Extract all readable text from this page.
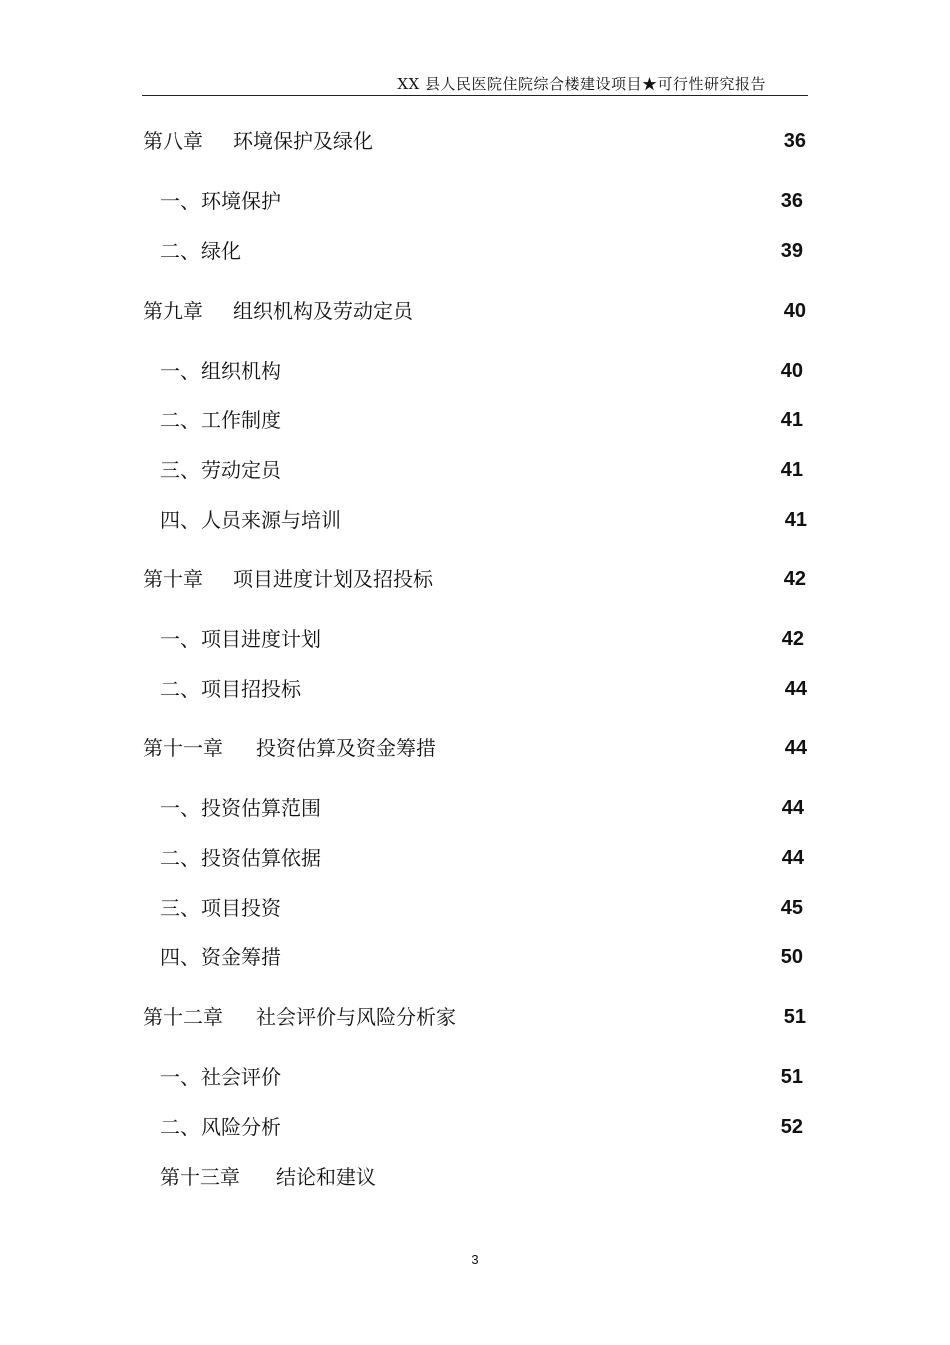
XX 县人民医院住院综合楼建设项目★可行性研究报告
第八章 环境保护及绿化	36
一、环境保护	36
二、绿化	39
第九章 组织机构及劳动定员	40
一、组织机构	40
二、工作制度	41
三、劳动定员	41
四、人员来源与培训	41
第十章 项目进度计划及招投标	42
一、项目进度计划	42
二、项目招投标	44
第十一章 投资估算及资金筹措	44
一、投资估算范围	44
二、投资估算依据	44
三、项目投资	45
四、资金筹措	50
第十二章 社会评价与风险分析家	51
一、社会评价	51
二、风险分析	52
第十三章 结论和建议
3
